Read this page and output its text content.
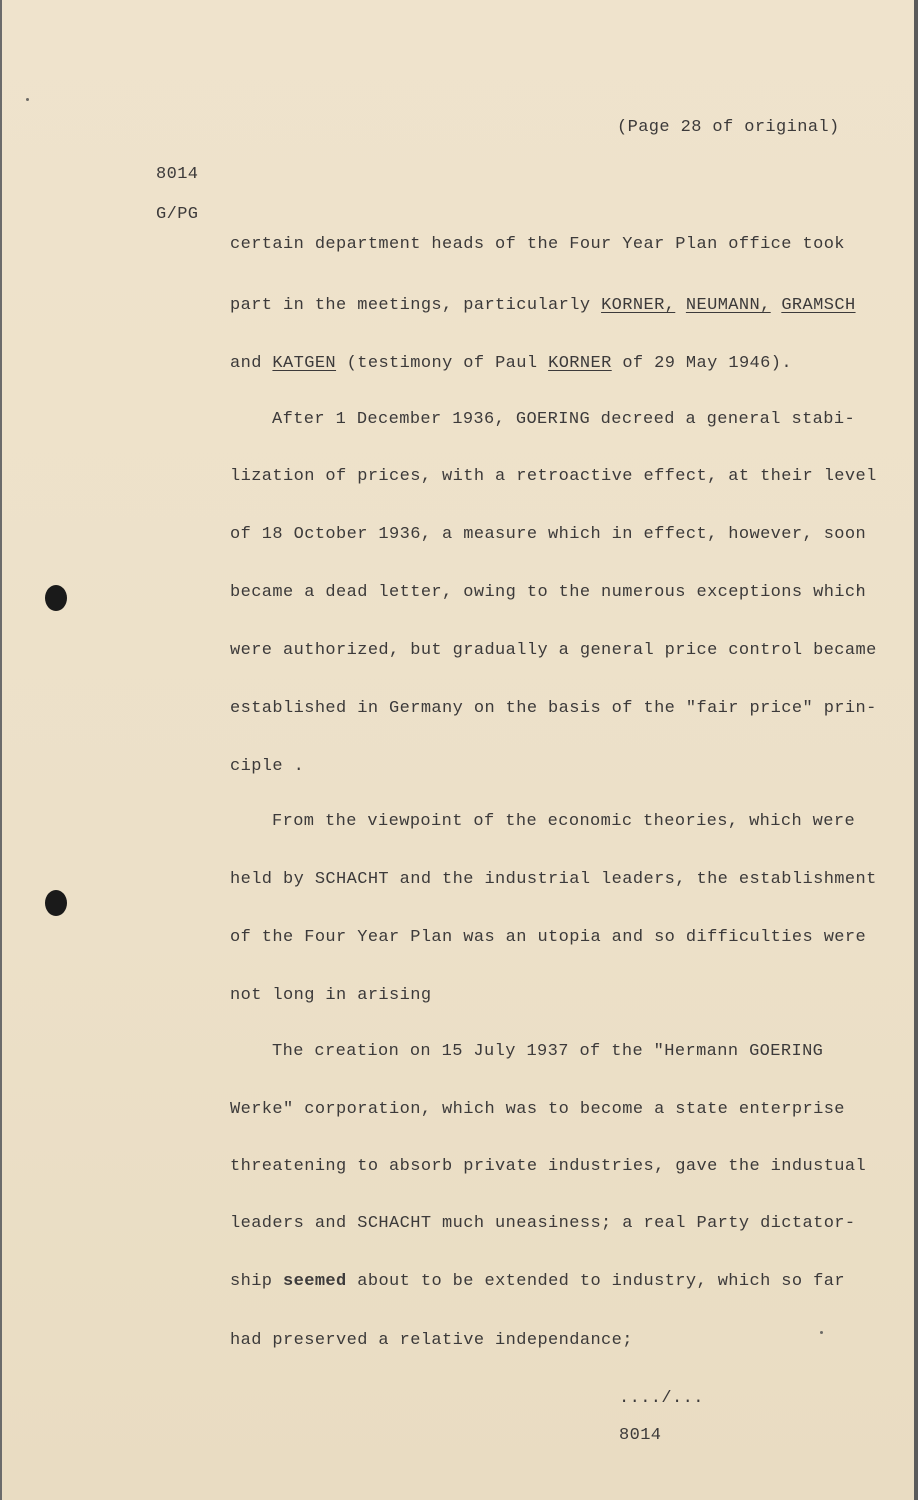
(Page 28 of original)
8014
G/PG
certain department heads of the Four Year Plan office took
part in the meetings, particularly KORNER, NEUMANN, GRAMSCH
and KATGEN (testimony of Paul KORNER of 29 May 1946).
After 1 December 1936, GOERING decreed a general stabi-
lization of prices, with a retroactive effect, at their level
of 18 October 1936, a measure which in effect, however, soon
became a dead letter, owing to the numerous exceptions which
were authorized, but gradually a general price control became
established in Germany on the basis of the "fair price" prin-
ciple .
From the viewpoint of the economic theories, which were
held by SCHACHT and the industrial leaders, the establishment
of the Four Year Plan was an utopia and so difficulties were
not long in arising
The creation on 15 July 1937 of the "Hermann GOERING
Werke" corporation, which was to become a state enterprise
threatening to absorb private industries, gave the industual
leaders and SCHACHT much uneasiness; a real Party dictator-
ship seemed about to be extended to industry, which so far
had preserved a relative independance;
..../...
8014
